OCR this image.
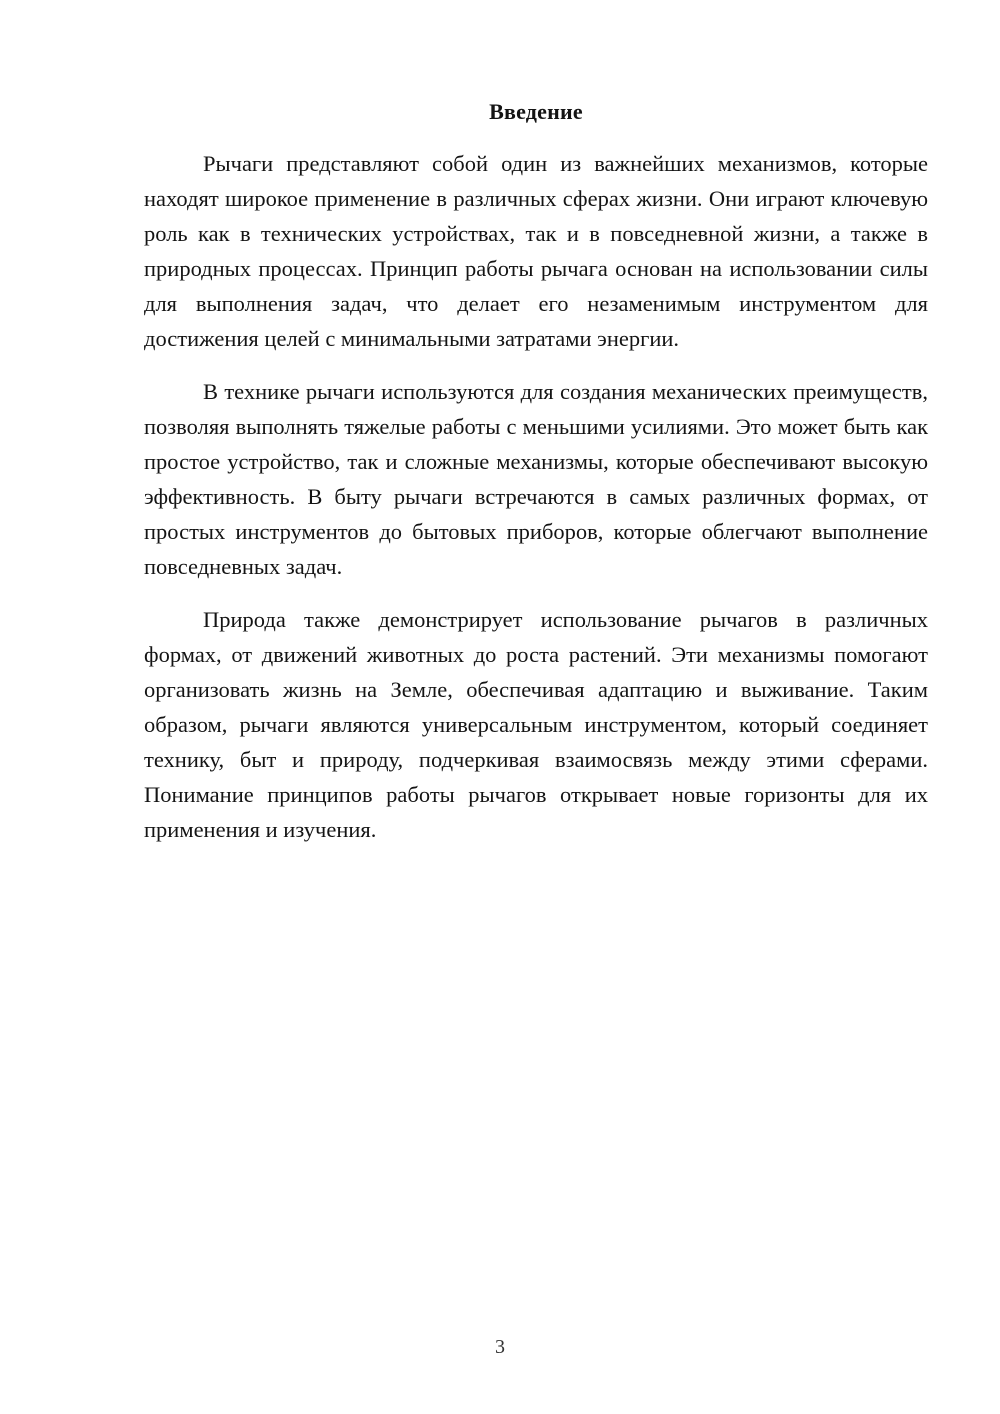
Введение

Рычаги представляют собой один из важнейших механизмов, которые находят широкое применение в различных сферах жизни. Они играют ключевую роль как в технических устройствах, так и в повседневной жизни, а также в природных процессах. Принцип работы рычага основан на использовании силы для выполнения задач, что делает его незаменимым инструментом для достижения целей с минимальными затратами энергии.

В технике рычаги используются для создания механических преимуществ, позволяя выполнять тяжелые работы с меньшими усилиями. Это может быть как простое устройство, так и сложные механизмы, которые обеспечивают высокую эффективность. В быту рычаги встречаются в самых различных формах, от простых инструментов до бытовых приборов, которые облегчают выполнение повседневных задач.

Природа также демонстрирует использование рычагов в различных формах, от движений животных до роста растений. Эти механизмы помогают организовать жизнь на Земле, обеспечивая адаптацию и выживание. Таким образом, рычаги являются универсальным инструментом, который соединяет технику, быт и природу, подчеркивая взаимосвязь между этими сферами. Понимание принципов работы рычагов открывает новые горизонты для их применения и изучения.

3
